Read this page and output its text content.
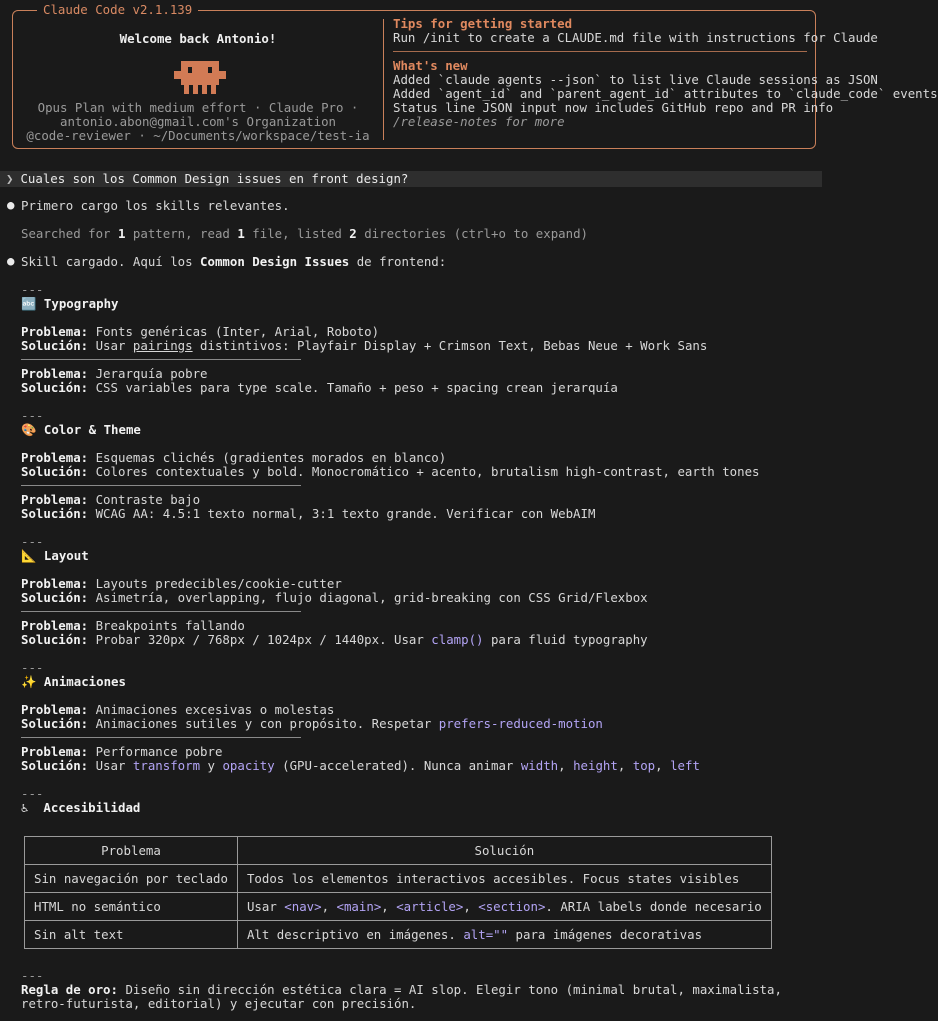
Claude Code v2.1.139
Welcome back Antonio!
Opus Plan with medium effort · Claude Pro ·
antonio.abon@gmail.com's Organization
@code-reviewer · ~/Documents/workspace/test-ia
Tips for getting started
Run /init to create a CLAUDE.md file with instructions for Claude
What's new
Added `claude agents --json` to list live Claude sessions as JSON
Added `agent_id` and `parent_agent_id` attributes to `claude_code` events
Status line JSON input now includes GitHub repo and PR info
/release-notes for more
❯ Cuales son los Common Design issues en front design?
● Primero cargo los skills relevantes.
Searched for 1 pattern, read 1 file, listed 2 directories (ctrl+o to expand)
● Skill cargado. Aquí los Common Design Issues de frontend:
---
🔤 Typography
Problema: Fonts genéricas (Inter, Arial, Roboto)
Solución: Usar pairings distintivos: Playfair Display + Crimson Text, Bebas Neue + Work Sans
Problema: Jerarquía pobre
Solución: CSS variables para type scale. Tamaño + peso + spacing crean jerarquía
---
🎨 Color & Theme
Problema: Esquemas clichés (gradientes morados en blanco)
Solución: Colores contextuales y bold. Monocromático + acento, brutalism high-contrast, earth tones
Problema: Contraste bajo
Solución: WCAG AA: 4.5:1 texto normal, 3:1 texto grande. Verificar con WebAIM
---
📐 Layout
Problema: Layouts predecibles/cookie-cutter
Solución: Asimetría, overlapping, flujo diagonal, grid-breaking con CSS Grid/Flexbox
Problema: Breakpoints fallando
Solución: Probar 320px / 768px / 1024px / 1440px. Usar clamp() para fluid typography
---
✨ Animaciones
Problema: Animaciones excesivas o molestas
Solución: Animaciones sutiles y con propósito. Respetar prefers-reduced-motion
Problema: Performance pobre
Solución: Usar transform y opacity (GPU-accelerated). Nunca animar width, height, top, left
---
♿ Accesibilidad
Problema	Solución
Sin navegación por teclado	Todos los elementos interactivos accesibles. Focus states visibles
HTML no semántico	Usar <nav>, <main>, <article>, <section>. ARIA labels donde necesario
Sin alt text	Alt descriptivo en imágenes. alt="" para imágenes decorativas
---
Regla de oro: Diseño sin dirección estética clara = AI slop. Elegir tono (minimal brutal, maximalista,
retro-futurista, editorial) y ejecutar con precisión.
